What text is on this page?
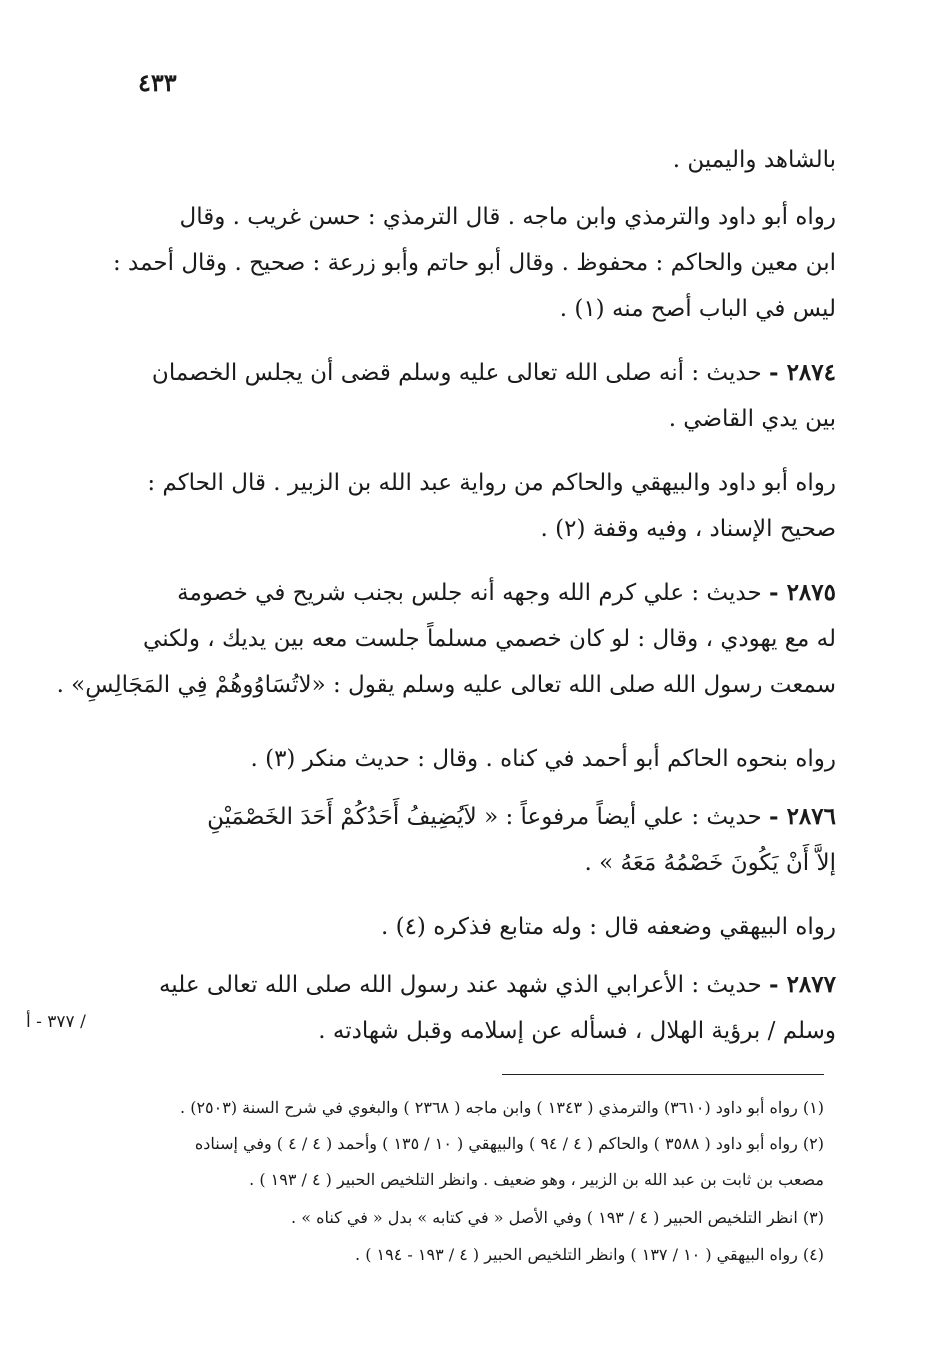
٤٣٣
/ ٣٧٧ - أ
بالشاهد واليمين .
رواه أبو داود والترمذي وابن ماجه . قال الترمذي : حسن غريب . وقال
ابن معين والحاكم : محفوظ . وقال أبو حاتم وأبو زرعة : صحيح . وقال أحمد :
ليس في الباب أصح منه (١) .
٢٨٧٤ - حديث : أنه صلى الله تعالى عليه وسلم قضى أن يجلس الخصمان
بين يدي القاضي .
رواه أبو داود والبيهقي والحاكم من رواية عبد الله بن الزبير . قال الحاكم :
صحيح الإسناد ، وفيه وقفة (٢) .
٢٨٧٥ - حديث : علي كرم الله وجهه أنه جلس بجنب شريح في خصومة
له مع يهودي ، وقال : لو كان خصمي مسلماً جلست معه بين يديك ، ولكني
سمعت رسول الله صلى الله تعالى عليه وسلم يقول : «لاتُسَاوُوهُمْ فِي المَجَالِسِ» .
رواه بنحوه الحاكم أبو أحمد في كناه . وقال : حديث منكر (٣) .
٢٨٧٦ - حديث : علي أيضاً مرفوعاً : « لاَيُضِيفُ أَحَدُكُمْ أَحَدَ الخَصْمَيْنِ
إلاَّ أَنْ يَكُونَ خَصْمُهُ مَعَهُ » .
رواه البيهقي وضعفه قال : وله متابع فذكره (٤) .
٢٨٧٧ - حديث : الأعرابي الذي شهد عند رسول الله صلى الله تعالى عليه
وسلم / برؤية الهلال ، فسأله عن إسلامه وقبل شهادته .
(١) رواه أبو داود (٣٦١٠) والترمذي ( ١٣٤٣ ) وابن ماجه ( ٢٣٦٨ ) والبغوي في شرح السنة (٢٥٠٣) .
(٢) رواه أبو داود ( ٣٥٨٨ ) والحاكم ( ٤ / ٩٤ ) والبيهقي ( ١٠ / ١٣٥ ) وأحمد ( ٤ / ٤ ) وفي إسناده
مصعب بن ثابت بن عبد الله بن الزبير ، وهو ضعيف . وانظر التلخيص الحبير ( ٤ / ١٩٣ ) .
(٣) انظر التلخيص الحبير ( ٤ / ١٩٣ ) وفي الأصل « في كتابه » بدل « في كناه » .
(٤) رواه البيهقي ( ١٠ / ١٣٧ ) وانظر التلخيص الحبير ( ٤ / ١٩٣ - ١٩٤ ) .
